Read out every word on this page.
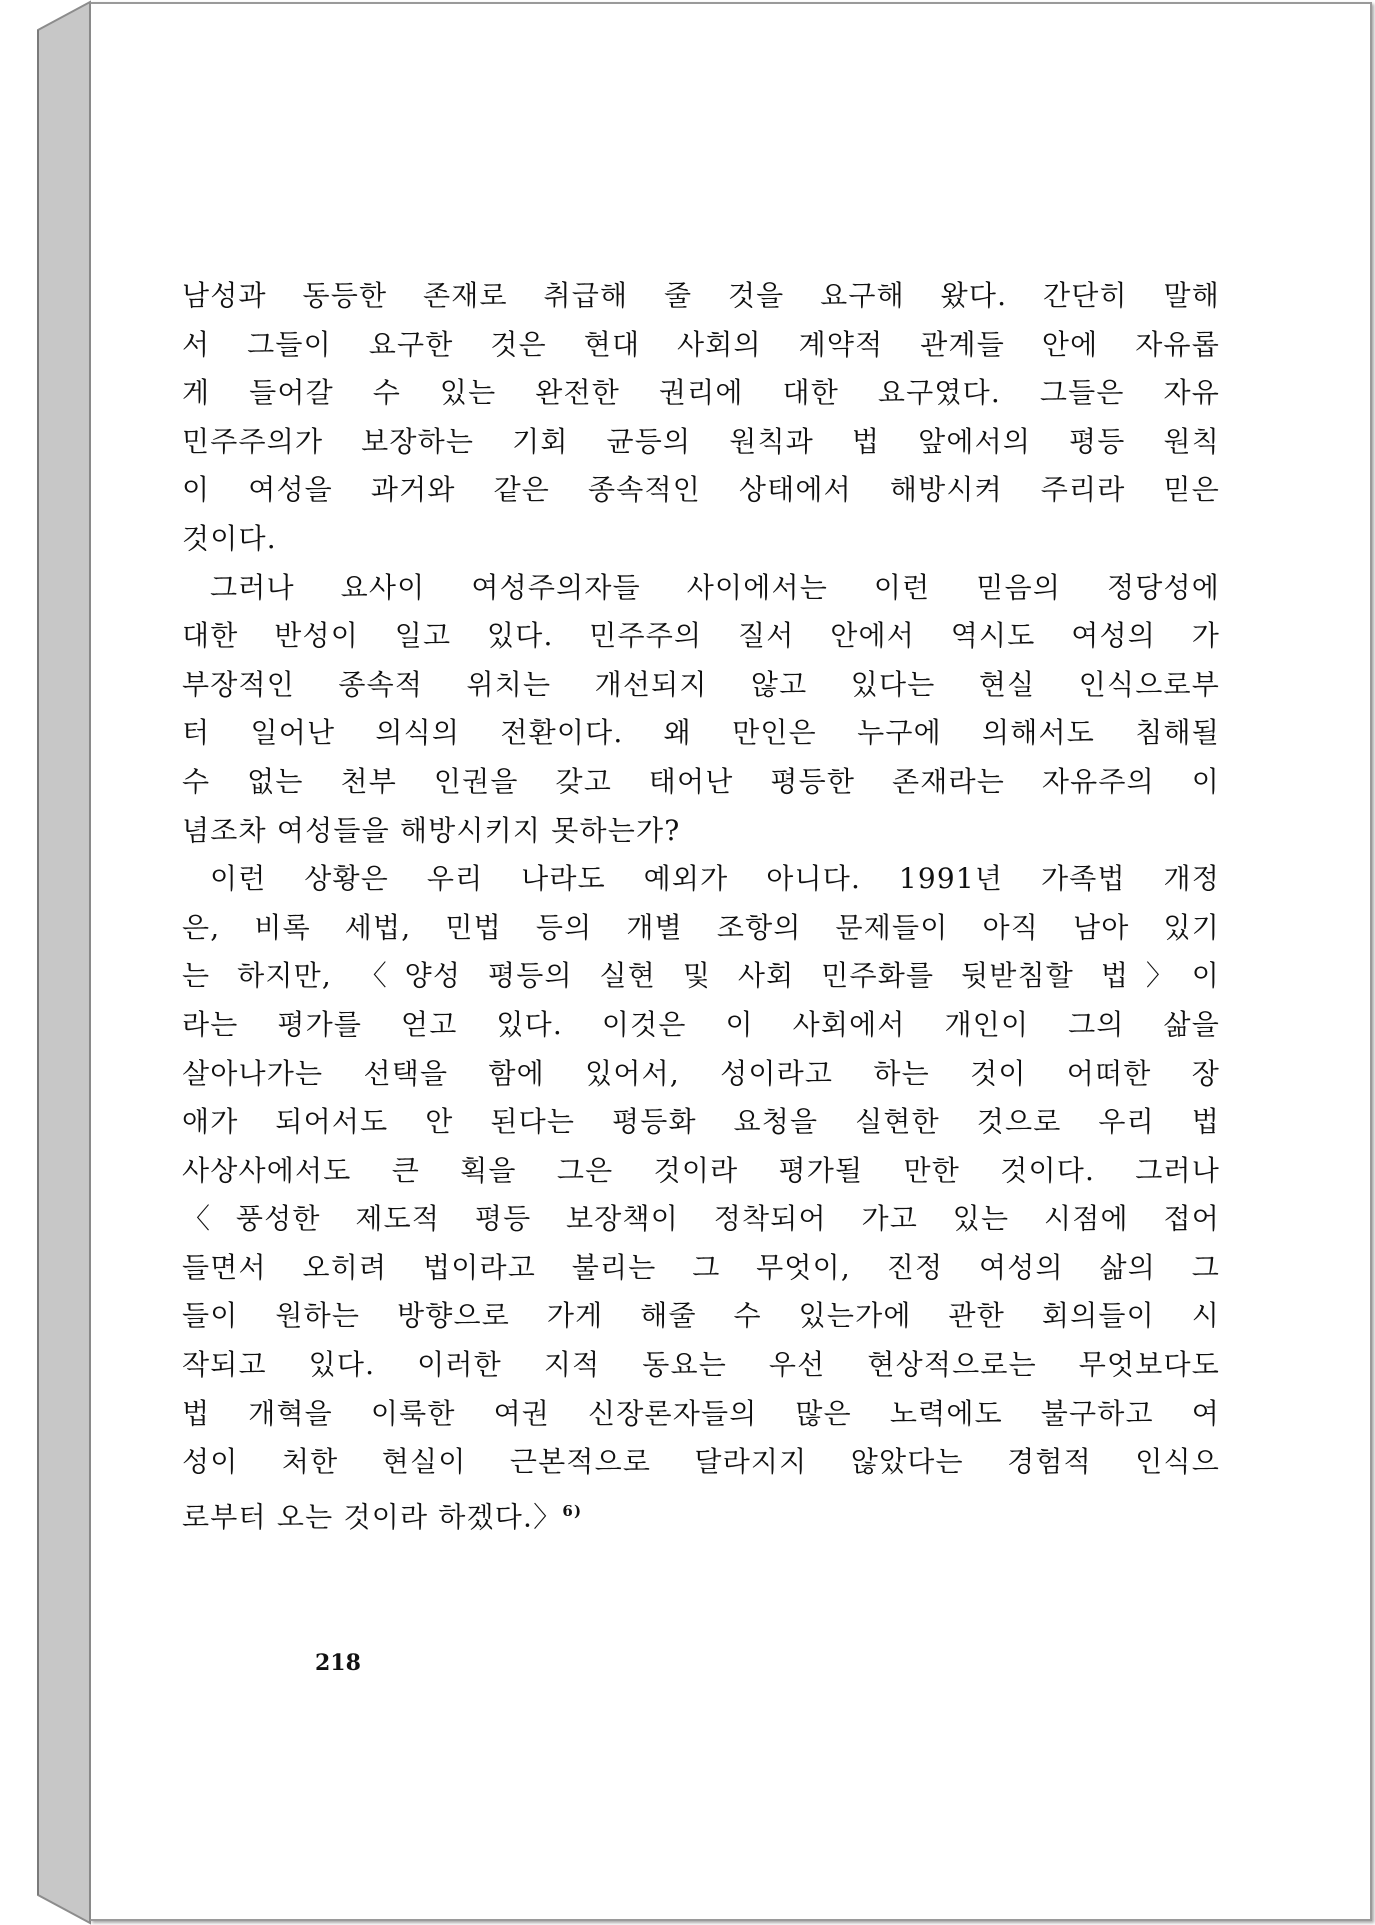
남성과 동등한 존재로 취급해 줄 것을 요구해 왔다. 간단히 말해
서 그들이 요구한 것은 현대 사회의 계약적 관계들 안에 자유롭
게 들어갈 수 있는 완전한 권리에 대한 요구였다. 그들은 자유
민주주의가 보장하는 기회 균등의 원칙과 법 앞에서의 평등 원칙
이 여성을 과거와 같은 종속적인 상태에서 해방시켜 주리라 믿은
것이다.
그러나 요사이 여성주의자들 사이에서는 이런 믿음의 정당성에
대한 반성이 일고 있다. 민주주의 질서 안에서 역시도 여성의 가
부장적인 종속적 위치는 개선되지 않고 있다는 현실 인식으로부
터 일어난 의식의 전환이다. 왜 만인은 누구에 의해서도 침해될
수 없는 천부 인권을 갖고 태어난 평등한 존재라는 자유주의 이
념조차 여성들을 해방시키지 못하는가?
이런 상황은 우리 나라도 예외가 아니다. 1991년 가족법 개정
은, 비록 세법, 민법 등의 개별 조항의 문제들이 아직 남아 있기
는 하지만, 〈양성 평등의 실현 및 사회 민주화를 뒷받침할 법〉이
라는 평가를 얻고 있다. 이것은 이 사회에서 개인이 그의 삶을
살아나가는 선택을 함에 있어서, 성이라고 하는 것이 어떠한 장
애가 되어서도 안 된다는 평등화 요청을 실현한 것으로 우리 법
사상사에서도 큰 획을 그은 것이라 평가될 만한 것이다. 그러나
〈풍성한 제도적 평등 보장책이 정착되어 가고 있는 시점에 접어
들면서 오히려 법이라고 불리는 그 무엇이, 진정 여성의 삶의 그
들이 원하는 방향으로 가게 해줄 수 있는가에 관한 회의들이 시
작되고 있다. 이러한 지적 동요는 우선 현상적으로는 무엇보다도
법 개혁을 이룩한 여권 신장론자들의 많은 노력에도 불구하고 여
성이 처한 현실이 근본적으로 달라지지 않았다는 경험적 인식으
로부터 오는 것이라 하겠다.〉$^{6)}$
218
